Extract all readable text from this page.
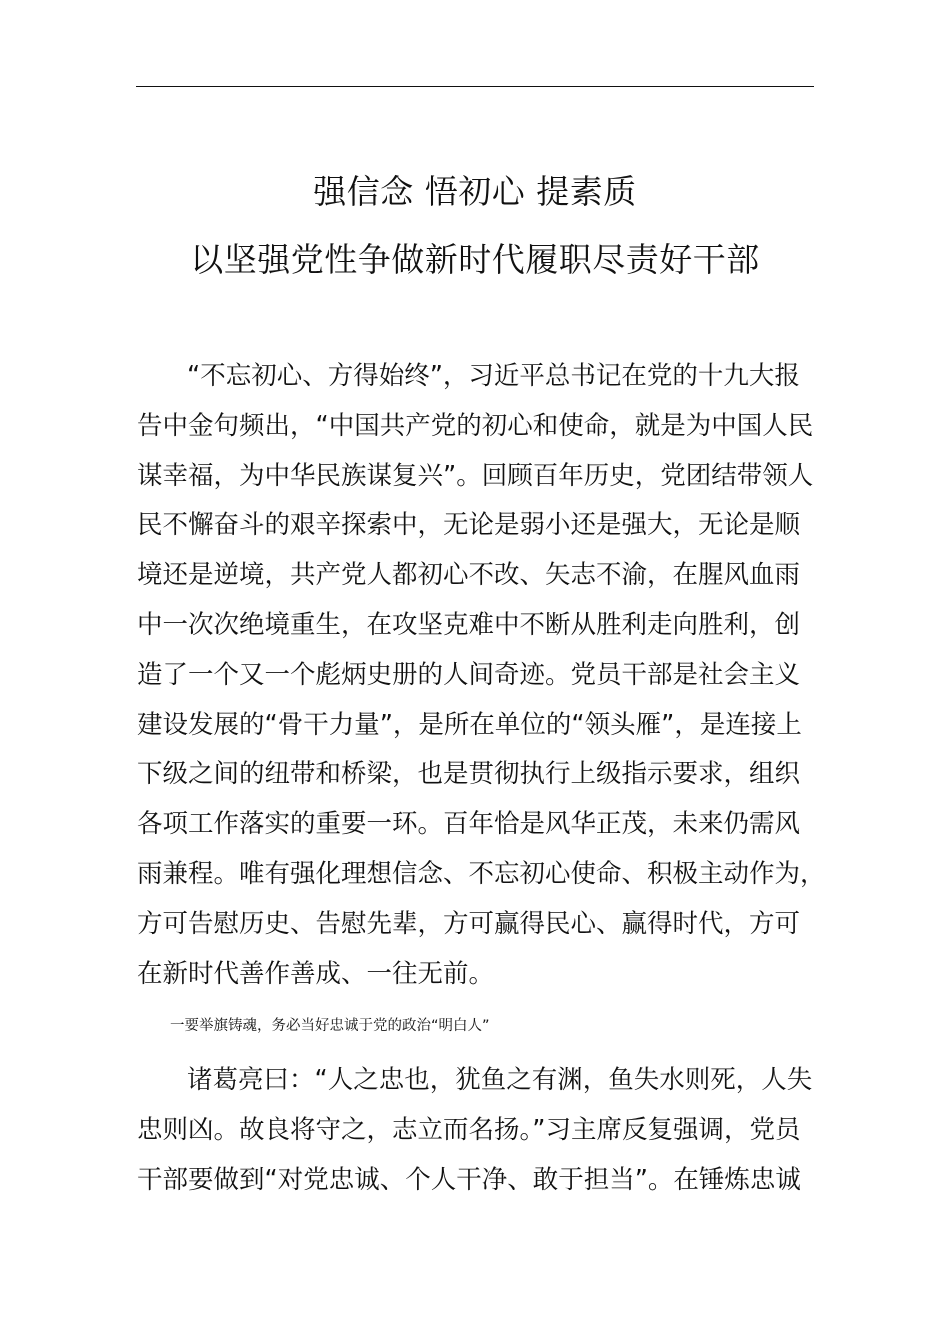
强信念 悟初心 提素质
以坚强党性争做新时代履职尽责好干部
“不忘初心、方得始终”，习近平总书记在党的十九大报
告中金句频出，“中国共产党的初心和使命，就是为中国人民
谋幸福，为中华民族谋复兴”。回顾百年历史，党团结带领人
民不懈奋斗的艰辛探索中，无论是弱小还是强大，无论是顺
境还是逆境，共产党人都初心不改、矢志不渝，在腥风血雨
中一次次绝境重生，在攻坚克难中不断从胜利走向胜利，创
造了一个又一个彪炳史册的人间奇迹。党员干部是社会主义
建设发展的“骨干力量”，是所在单位的“领头雁”，是连接上
下级之间的纽带和桥梁，也是贯彻执行上级指示要求，组织
各项工作落实的重要一环。百年恰是风华正茂，未来仍需风
雨兼程。唯有强化理想信念、不忘初心使命、积极主动作为，
方可告慰历史、告慰先辈，方可赢得民心、赢得时代，方可
在新时代善作善成、一往无前。
一要举旗铸魂，务必当好忠诚于党的政治“明白人”
诸葛亮曰：“人之忠也，犹鱼之有渊，鱼失水则死，人失
忠则凶。故良将守之，志立而名扬。”习主席反复强调，党员
干部要做到“对党忠诚、个人干净、敢于担当”。在锤炼忠诚
